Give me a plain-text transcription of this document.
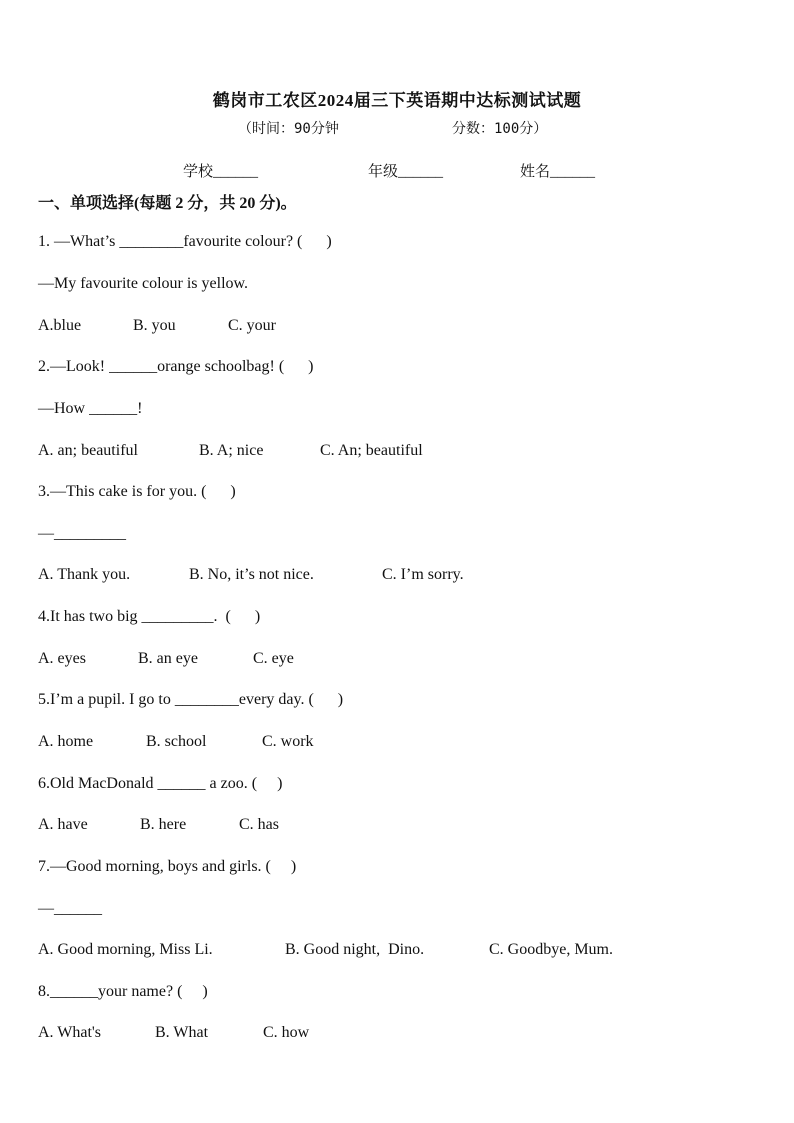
鹤岗市工农区2024届三下英语期中达标测试试题
（时间：90分钟	分数：100分）
学校______	年级______	姓名______
一、单项选择(每题 2 分，共 20 分)。
1. —What’s ________favourite colour? (      )
—My favourite colour is yellow.
A.blue	B. you	C. your
2.—Look! ______orange schoolbag! (      )
—How ______!
A. an; beautiful	B. A; nice	C. An; beautiful
3.—This cake is for you. (      )
—_________
A. Thank you.	B. No, it’s not nice.	C. I’m sorry.
4.It has two big _________.  (      )
A. eyes	B. an eye	C. eye
5.I’m a pupil. I go to ________every day. (      )
A. home	B. school	C. work
6.Old MacDonald ______ a zoo. (     )
A. have	B. here	C. has
7.—Good morning, boys and girls. (     )
—______
A. Good morning, Miss Li.	B. Good night,  Dino.	C. Goodbye, Mum.
8.______your name? (     )
A. What's	B. What	C. how
